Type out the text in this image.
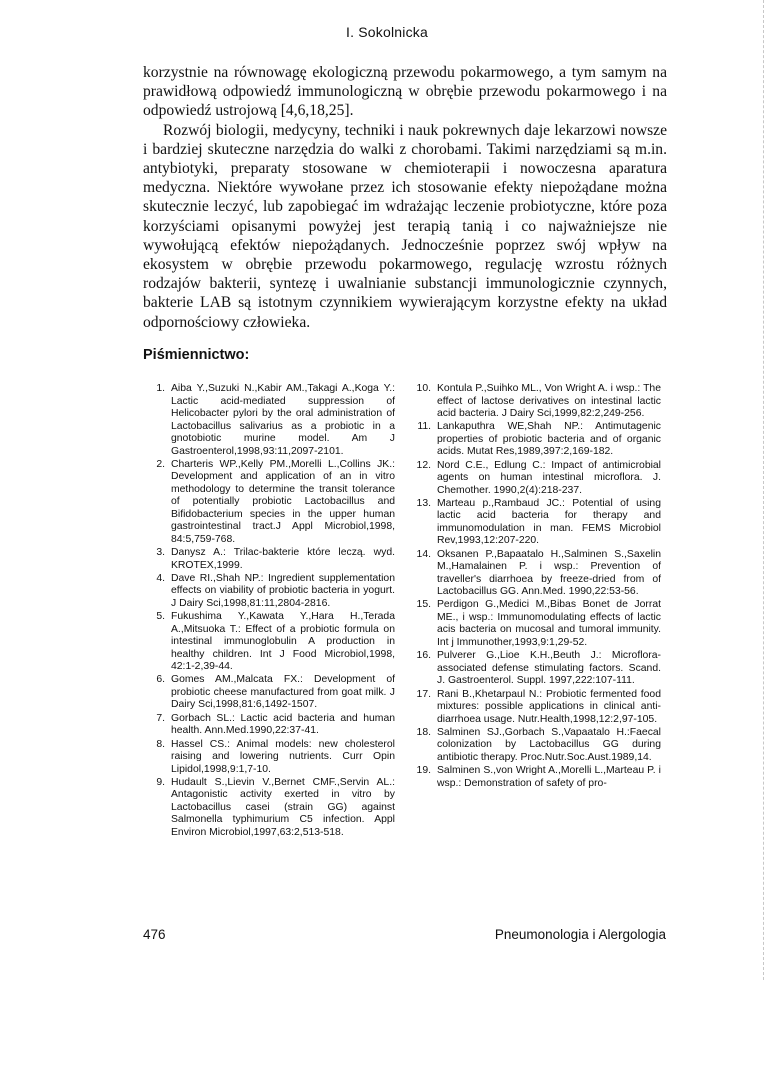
I. Sokolnicka

korzystnie na równowagę ekologiczną przewodu pokarmowego, a tym samym na prawidłową odpowiedź immunologiczną w obrębie przewodu pokarmowego i na odpowiedź ustrojową [4,6,18,25].

Rozwój biologii, medycyny, techniki i nauk pokrewnych daje lekarzowi nowsze i bardziej skuteczne narzędzia do walki z chorobami. Takimi narzędziami są m.in. antybiotyki, preparaty stosowane w chemioterapii i nowoczesna aparatura medyczna. Niektóre wywołane przez ich stosowanie efekty niepożądane można skutecznie leczyć, lub zapobiegać im wdrażając leczenie probiotyczne, które poza korzyściami opisanymi powyżej jest terapią tanią i co najważniejsze nie wywołującą efektów niepożądanych. Jednocześnie poprzez swój wpływ na ekosystem w obrębie przewodu pokarmowego, regulację wzrostu różnych rodzajów bakterii, syntezę i uwalnianie substancji immunologicznie czynnych, bakterie LAB są istotnym czynnikiem wywierającym korzystne efekty na układ odpornościowy człowieka.

Piśmiennictwo:
1. Aiba Y.,Suzuki N.,Kabir AM.,Takagi A.,Koga Y.: Lactic acid-mediated suppression of Helicobacter pylori by the oral administration of Lactobacillus salivarius as a probiotic in a gnotobiotic murine model. Am J Gastroenterol,1998,93:11,2097-2101.
2. Charteris WP.,Kelly PM.,Morelli L.,Collins JK.: Development and application of an in vitro methodology to determine the transit tolerance of potentially probiotic Lactobacillus and Bifidobacterium species in the upper human gastrointestinal tract.J Appl Microbiol,1998, 84:5,759-768.
3. Danysz A.: Trilac-bakterie które leczą. wyd. KROTEX,1999.
4. Dave RI.,Shah NP.: Ingredient supplementation effects on viability of probiotic bacteria in yogurt. J Dairy Sci,1998,81:11,2804-2816.
5. Fukushima Y.,Kawata Y.,Hara H.,Terada A.,Mitsuoka T.: Effect of a probiotic formula on intestinal immunoglobulin A production in healthy children. Int J Food Microbiol,1998, 42:1-2,39-44.
6. Gomes AM.,Malcata FX.: Development of probiotic cheese manufactured from goat milk. J Dairy Sci,1998,81:6,1492-1507.
7. Gorbach SL.: Lactic acid bacteria and human health. Ann.Med.1990,22:37-41.
8. Hassel CS.: Animal models: new cholesterol raising and lowering nutrients. Curr Opin Lipidol,1998,9:1,7-10.
9. Hudault S.,Lievin V.,Bernet CMF.,Servin AL.: Antagonistic activity exerted in vitro by Lactobacillus casei (strain GG) against Salmonella typhimurium C5 infection. Appl Environ Microbiol,1997,63:2,513-518.
10. Kontula P.,Suihko ML., Von Wright A. i wsp.: The effect of lactose derivatives on intestinal lactic acid bacteria. J Dairy Sci,1999,82:2,249-256.
11. Lankaputhra WE,Shah NP.: Antimutagenic properties of probiotic bacteria and of organic acids. Mutat Res,1989,397:2,169-182.
12. Nord C.E., Edlung C.: Impact of antimicrobial agents on human intestinal microflora. J. Chemother. 1990,2(4):218-237.
13. Marteau p.,Rambaud JC.: Potential of using lactic acid bacteria for therapy and immunomodulation in man. FEMS Microbiol Rev,1993,12:207-220.
14. Oksanen P.,Bapaatalo H.,Salminen S.,Saxelin M.,Hamalainen P. i wsp.: Prevention of traveller's diarrhoea by freeze-dried from of Lactobacillus GG. Ann.Med. 1990,22:53-56.
15. Perdigon G.,Medici M.,Bibas Bonet de Jorrat ME., i wsp.: Immunomodulating effects of lactic acis bacteria on mucosal and tumoral immunity. Int j Immunother,1993,9:1,29-52.
16. Pulverer G.,Lioe K.H.,Beuth J.: Microflora-associated defense stimulating factors. Scand. J. Gastroenterol. Suppl. 1997,222:107-111.
17. Rani B.,Khetarpaul N.: Probiotic fermented food mixtures: possible applications in clinical anti-diarrhoea usage. Nutr.Health,1998,12:2,97-105.
18. Salminen SJ.,Gorbach S.,Vapaatalo H.:Faecal colonization by Lactobacillus GG during antibiotic therapy. Proc.Nutr.Soc.Aust.1989,14.
19. Salminen S.,von Wright A.,Morelli L.,Marteau P. i wsp.: Demonstration of safety of pro-
476	Pneumonologia i Alergologia
